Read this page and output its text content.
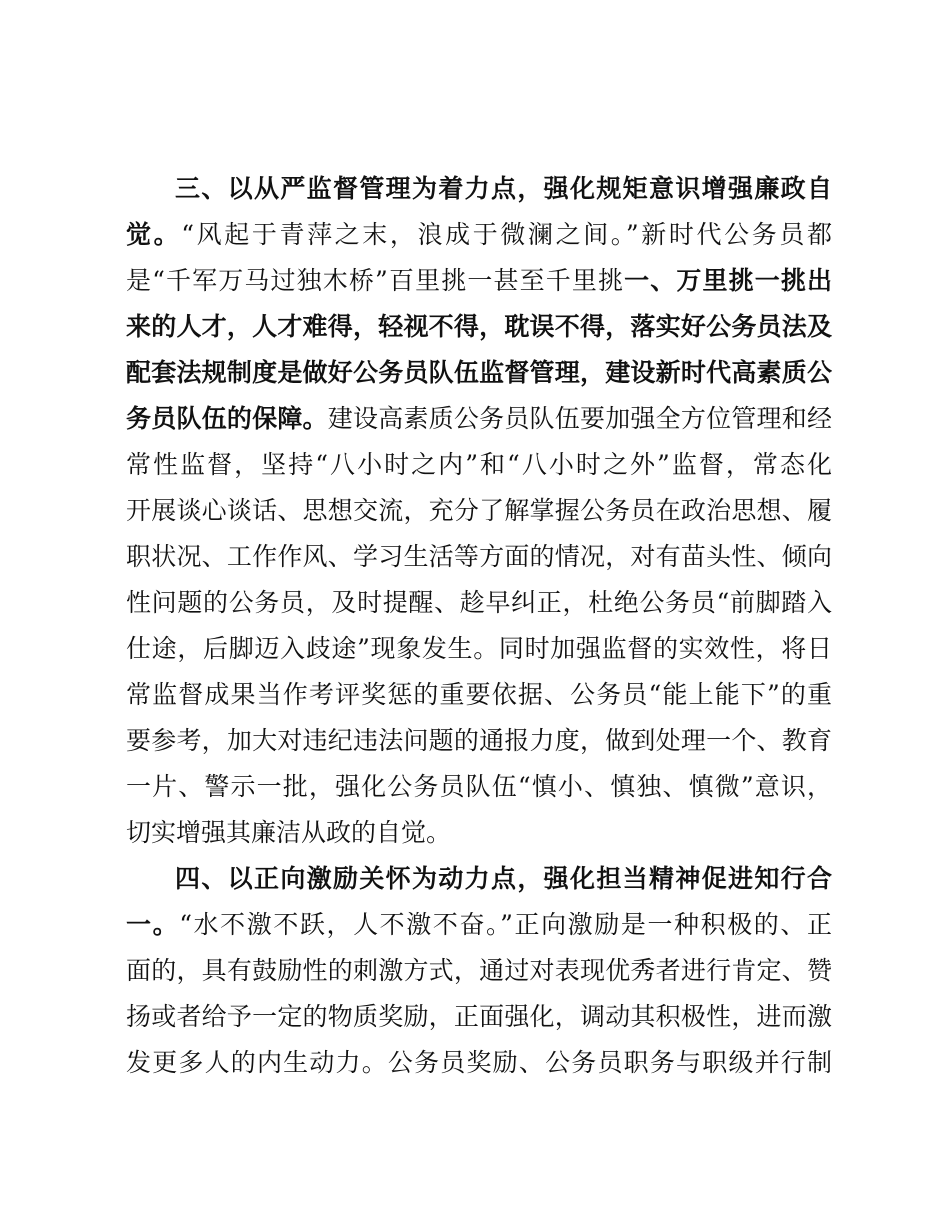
三、以从严监督管理为着力点，强化规矩意识增强廉政自
觉。“风起于青萍之末，浪成于微澜之间。”新时代公务员都
是“千军万马过独木桥”百里挑一甚至千里挑一、万里挑一挑出
来的人才，人才难得，轻视不得，耽误不得，落实好公务员法及
配套法规制度是做好公务员队伍监督管理，建设新时代高素质公
务员队伍的保障。建设高素质公务员队伍要加强全方位管理和经
常性监督，坚持“八小时之内”和“八小时之外”监督，常态化
开展谈心谈话、思想交流，充分了解掌握公务员在政治思想、履
职状况、工作作风、学习生活等方面的情况，对有苗头性、倾向
性问题的公务员，及时提醒、趁早纠正，杜绝公务员“前脚踏入
仕途，后脚迈入歧途”现象发生。同时加强监督的实效性，将日
常监督成果当作考评奖惩的重要依据、公务员“能上能下”的重
要参考，加大对违纪违法问题的通报力度，做到处理一个、教育
一片、警示一批，强化公务员队伍“慎小、慎独、慎微”意识，
切实增强其廉洁从政的自觉。
四、以正向激励关怀为动力点，强化担当精神促进知行合
一。“水不激不跃，人不激不奋。”正向激励是一种积极的、正
面的，具有鼓励性的刺激方式，通过对表现优秀者进行肯定、赞
扬或者给予一定的物质奖励，正面强化，调动其积极性，进而激
发更多人的内生动力。公务员奖励、公务员职务与职级并行制
